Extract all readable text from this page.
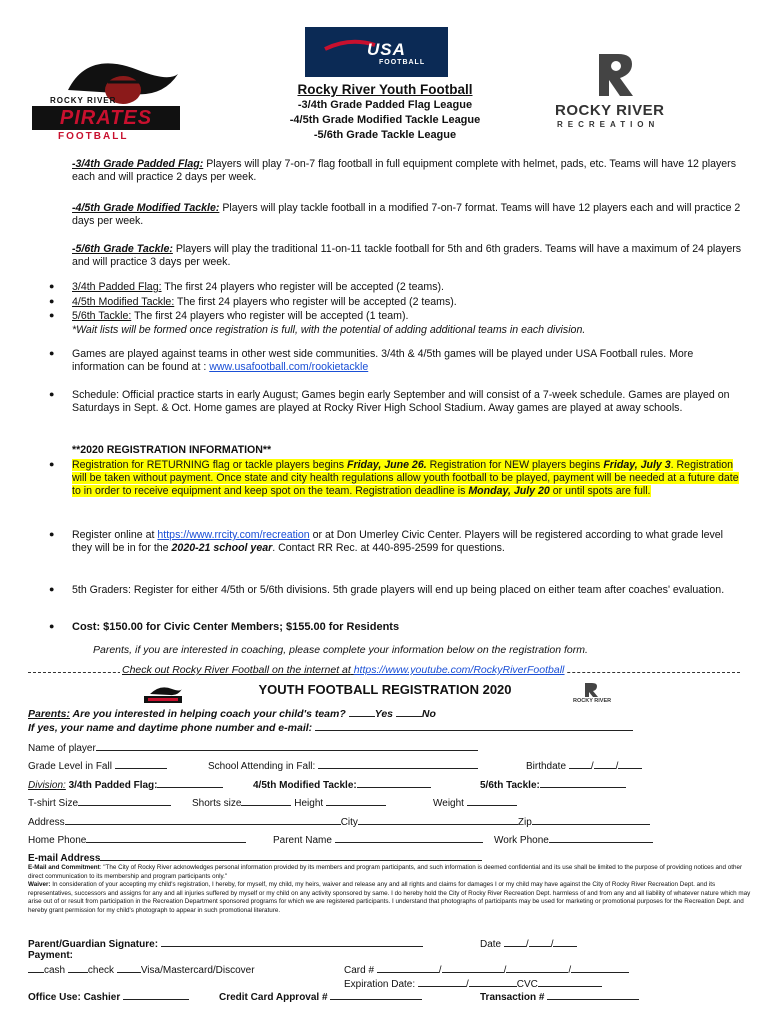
USA
FOOTBALL
ROCKY RIVER
PIRATES
FOOTBALL
ROCKY RIVER
RECREATION
Rocky River Youth Football
-3/4th Grade Padded Flag League
-4/5th Grade Modified Tackle League
-5/6th Grade Tackle League
-3/4th Grade Padded Flag: Players will play 7-on-7 flag football in full equipment complete with helmet, pads, etc. Teams will have 12 players each and will practice 2 days per week.
-4/5th Grade Modified Tackle: Players will play tackle football in a modified 7-on-7 format. Teams will have 12 players each and will practice 2 days per week.
-5/6th Grade Tackle: Players will play the traditional 11-on-11 tackle football for 5th and 6th graders. Teams will have a maximum of 24 players and will practice 3 days per week.
● 3/4th Padded Flag: The first 24 players who register will be accepted (2 teams).
● 4/5th Modified Tackle: The first 24 players who register will be accepted (2 teams).
● 5/6th Tackle: The first 24 players who register will be accepted (1 team).
*Wait lists will be formed once registration is full, with the potential of adding additional teams in each division.
● Games are played against teams in other west side communities. 3/4th & 4/5th games will be played under USA Football rules. More information can be found at : www.usafootball.com/rookietackle
● Schedule: Official practice starts in early August; Games begin early September and will consist of a 7-week schedule. Games are played on Saturdays in Sept. & Oct. Home games are played at Rocky River High School Stadium. Away games are played at away schools.
**2020 REGISTRATION INFORMATION**
● Registration for RETURNING flag or tackle players begins Friday, June 26. Registration for NEW players begins Friday, July 3. Registration will be taken without payment. Once state and city health regulations allow youth football to be played, payment will be needed at a future date to in order to receive equipment and keep spot on the team. Registration deadline is Monday, July 20 or until spots are full.
● Register online at https://www.rrcity.com/recreation or at Don Umerley Civic Center. Players will be registered according to what grade level they will be in for the 2020-21 school year. Contact RR Rec. at 440-895-2599 for questions.
● 5th Graders: Register for either 4/5th or 5/6th divisions. 5th grade players will end up being placed on either team after coaches' evaluation.
● Cost: $150.00 for Civic Center Members; $155.00 for Residents
Parents, if you are interested in coaching, please complete your information below on the registration form.
Check out Rocky River Football on the internet at https://www.youtube.com/RockyRiverFootball
YOUTH FOOTBALL REGISTRATION 2020
ROCKY RIVER
Parents: Are you interested in helping coach your child's team?	Yes	No
If yes, your name and daytime phone number and e-mail:
Name of player
Grade Level in Fall	School Attending in Fall:	Birthdate / /
Division: 3/4th Padded Flag:	4/5th Modified Tackle:	5/6th Tackle:
T-shirt Size	Shorts size	Height	Weight
Address	City	Zip
Home Phone	Parent Name	Work Phone
E-mail Address
E-Mail and Commitment: "The City of Rocky River acknowledges personal information provided by its members and program participants, and such information is deemed confidential and its use shall be limited to the purpose of providing notices and other direct communication to its membership and program participants only."
Waiver: In consideration of your accepting my child's registration, I hereby, for myself, my child, my heirs, waiver and release any and all rights and claims for damages I or my child may have against the City of Rocky River Recreation Dept. and its representatives, successors and assigns for any and all injuries suffered by myself or my child on any activity sponsored by same. I do hereby hold the City of Rocky River Recreation Dept. harmless of and from any and all liability of whatever nature which may arise out of or result from participation in the Recreation Department sponsored programs for which we are registered participants. I understand that photographs of participants may be used for marketing or promotional purposes for the Recreation Dept. and hereby grant permission for my child's photograph to appear in such promotional literature.
Parent/Guardian Signature:	Date / /
Payment:
cash check	Visa/Mastercard/Discover	Card #	/	/	/
Expiration Date:	/	CVC
Office Use: Cashier	Credit Card Approval #	Transaction #
